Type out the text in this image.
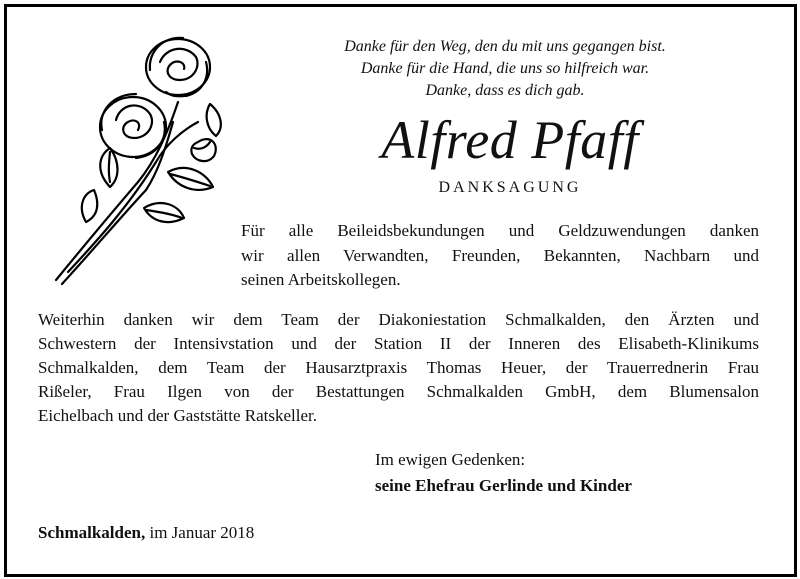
Danke für den Weg, den du mit uns gegangen bist.
Danke für die Hand, die uns so hilfreich war.
Danke, dass es dich gab.
Alfred Pfaff
DANKSAGUNG
Für alle Beileidsbekundungen und Geldzuwendungen danken
wir allen Verwandten, Freunden, Bekannten, Nachbarn und
seinen Arbeitskollegen.
Weiterhin danken wir dem Team der Diakoniestation Schmalkalden, den Ärzten und
Schwestern der Intensivstation und der Station II der Inneren des Elisabeth-Klinikums
Schmalkalden, dem Team der Hausarztpraxis Thomas Heuer, der Trauerrednerin Frau
Rißeler, Frau Ilgen von der Bestattungen Schmalkalden GmbH, dem Blumensalon
Eichelbach und der Gaststätte Ratskeller.
Im ewigen Gedenken:
seine Ehefrau Gerlinde und Kinder
Schmalkalden, im Januar 2018
